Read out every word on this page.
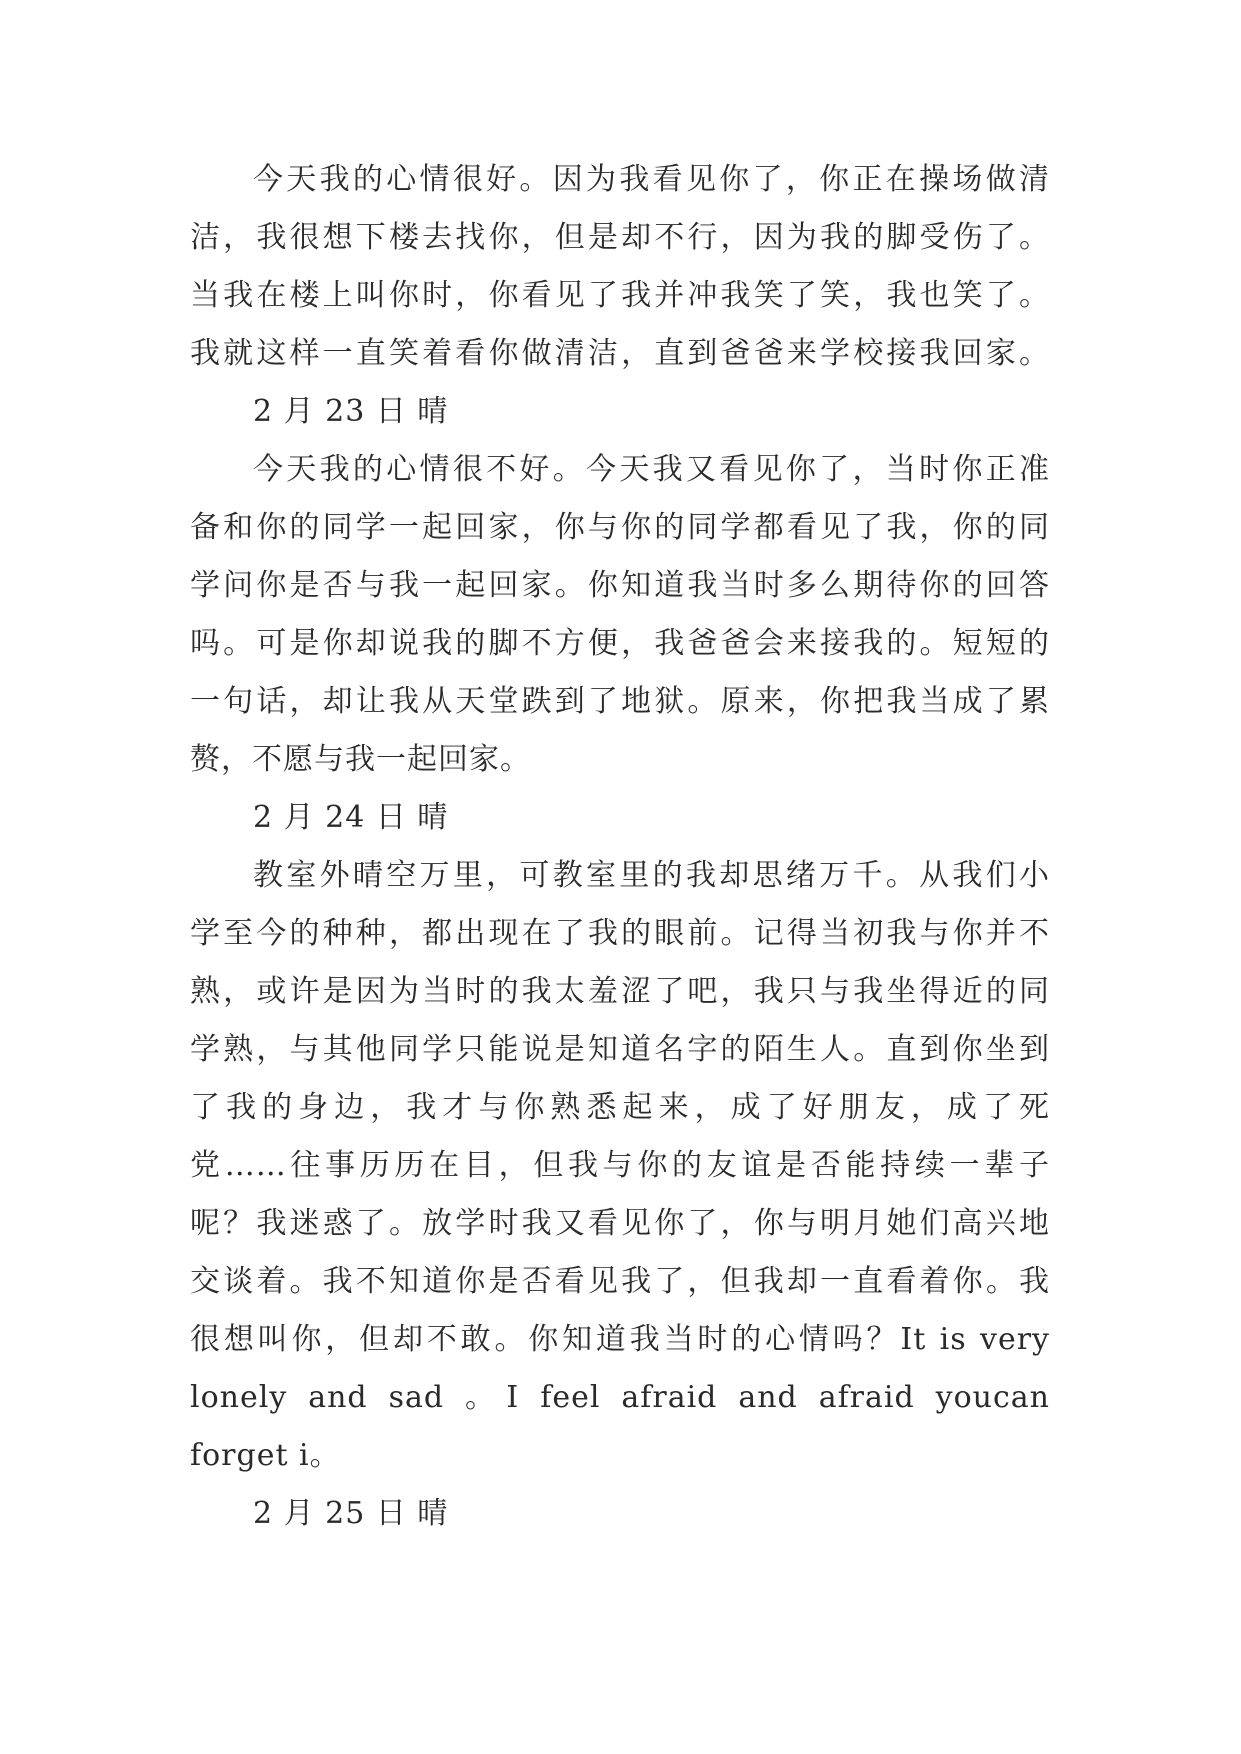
今天我的心情很好。因为我看见你了，你正在操场做清
洁，我很想下楼去找你，但是却不行，因为我的脚受伤了。
当我在楼上叫你时，你看见了我并冲我笑了笑，我也笑了。
我就这样一直笑着看你做清洁，直到爸爸来学校接我回家。
2 月 23 日 晴
今天我的心情很不好。今天我又看见你了，当时你正准
备和你的同学一起回家，你与你的同学都看见了我，你的同
学问你是否与我一起回家。你知道我当时多么期待你的回答
吗。可是你却说我的脚不方便，我爸爸会来接我的。短短的
一句话，却让我从天堂跌到了地狱。原来，你把我当成了累
赘，不愿与我一起回家。
2 月 24 日 晴
教室外晴空万里，可教室里的我却思绪万千。从我们小
学至今的种种，都出现在了我的眼前。记得当初我与你并不
熟，或许是因为当时的我太羞涩了吧，我只与我坐得近的同
学熟，与其他同学只能说是知道名字的陌生人。直到你坐到
了我的身边，我才与你熟悉起来，成了好朋友，成了死
党……往事历历在目，但我与你的友谊是否能持续一辈子
呢？我迷惑了。放学时我又看见你了，你与明月她们高兴地
交谈着。我不知道你是否看见我了，但我却一直看着你。我
很想叫你，但却不敢。你知道我当时的心情吗？It is very
lonely and sad 。I feel afraid and afraid youcan
forget i。
2 月 25 日 晴
